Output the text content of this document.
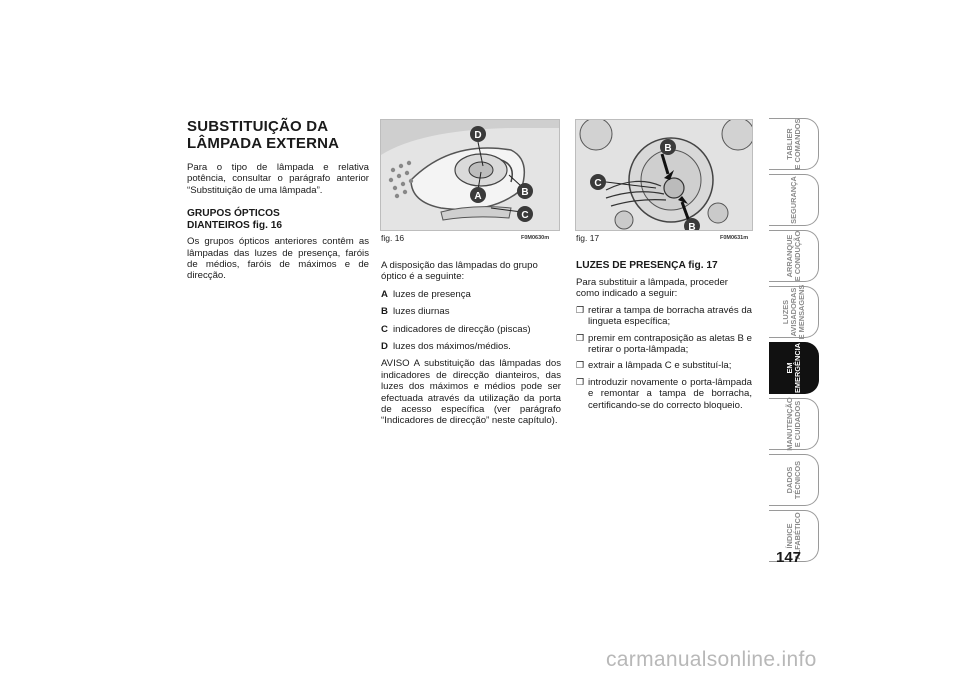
SUBSTITUIÇÃO DA
LÂMPADA EXTERNA

Para o tipo de lâmpada e relativa potência, consultar o parágrafo anterior “Substituição de uma lâmpada”.

GRUPOS ÓPTICOS
DIANTEIROS fig. 16

Os grupos ópticos anteriores contêm as lâmpadas das luzes de presença, faróis de médios, faróis de máximos e de direcção.

D
A	B
C
fig. 16	F0M0630m
B
C
B
fig. 17	F0M0631m

A disposição das lâmpadas do grupo óptico é a seguinte:

A luzes de presença
B luzes diurnas
C indicadores de direcção (piscas)
D luzes dos máximos/médios.

AVISO A substituição das lâmpadas dos indicadores de direcção dianteiros, das luzes dos máximos e médios pode ser efectuada através da utilização da porta de acesso específica (ver parágrafo “Indicadores de direcção” neste capítulo).

LUZES DE PRESENÇA fig. 17

Para substituir a lâmpada, proceder como indicado a seguir:

❐ retirar a tampa de borracha através da lingueta específica;
❐ premir em contraposição as aletas B e retirar o porta-lâmpada;
❐ extrair a lâmpada C e substituí-la;
❐ introduzir novamente o porta-lâmpada e remontar a tampa de borracha, certificando-se do correcto bloqueio.
TABLIER E COMANDOS
SEGURANÇA
ARRANQUE E CONDUÇÃO
LUZES AVISADORAS E MENSAGENS
EM EMERGÊNCIA
MANUTENÇÃO E CUIDADOS
DADOS TÉCNICOS
ÍNDICE ALFABÉTICO
147
carmanualsonline.info
